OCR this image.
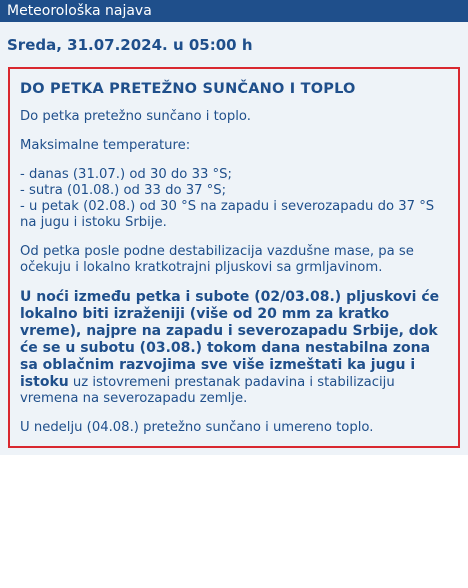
Meteorološka najava
Sreda, 31.07.2024. u 05:00 h
DO PETKA PRETEŽNO SUNČANO I TOPLO
Do petka pretežno sunčano i toplo.
Maksimalne temperature:
- danas (31.07.) od 30 do 33 °S;
- sutra (01.08.) od 33 do 37 °S;
- u petak (02.08.) od 30 °S na zapadu i severozapadu do 37 °S na jugu i istoku Srbije.
Od petka posle podne destabilizacija vazdušne mase, pa se očekuju i lokalno kratkotrajni pljuskovi sa grmljavinom.
U noći između petka i subote (02/03.08.) pljuskovi će lokalno biti izraženiji (više od 20 mm za kratko vreme), najpre na zapadu i severozapadu Srbije, dok će se u subotu (03.08.) tokom dana nestabilna zona sa oblačnim razvojima sve više izmeštati ka jugu i istoku uz istovremeni prestanak padavina i stabilizaciju vremena na severozapadu zemlje.
U nedelju (04.08.) pretežno sunčano i umereno toplo.
